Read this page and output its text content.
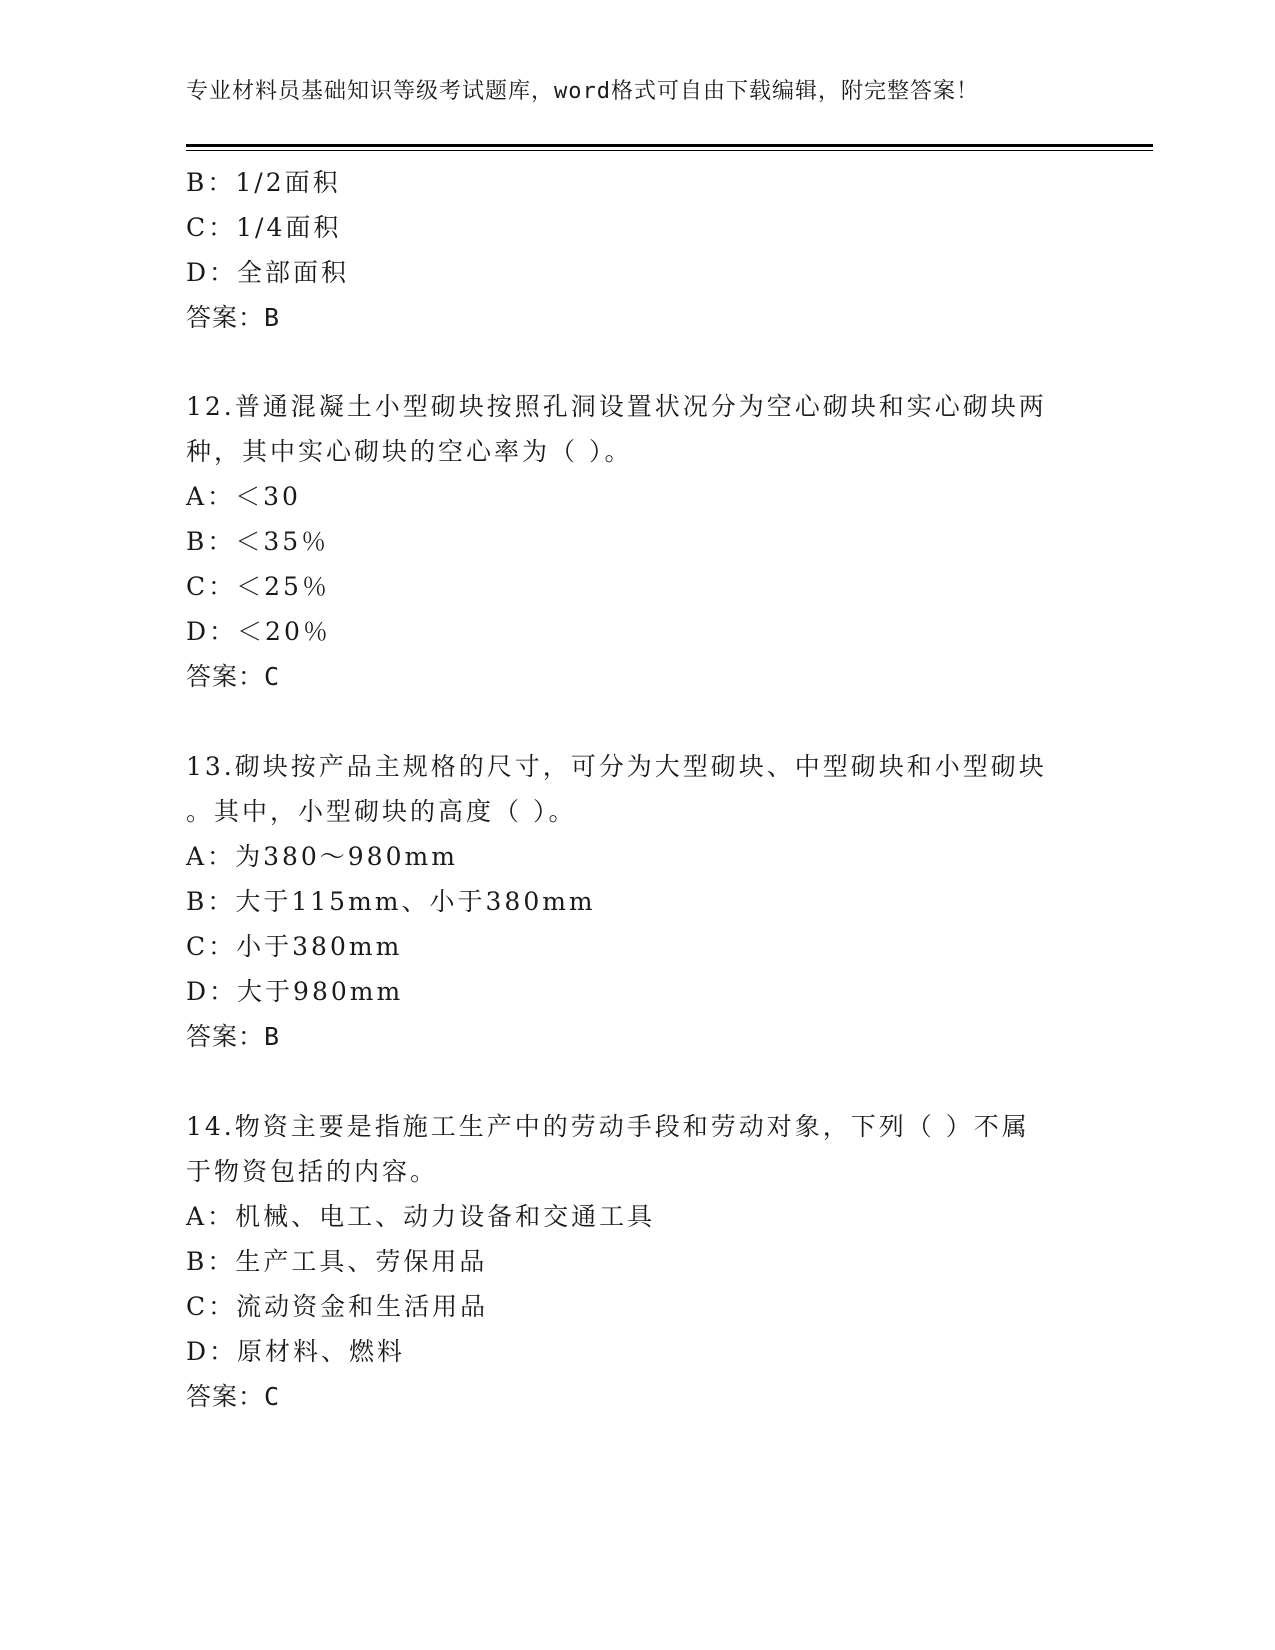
专业材料员基础知识等级考试题库，word格式可自由下载编辑，附完整答案！
B：1/2面积
C：1/4面积
D：全部面积
答案：B
12.普通混凝土小型砌块按照孔洞设置状况分为空心砌块和实心砌块两
种，其中实心砌块的空心率为（ ）。
A：＜30
B：＜35％
C：＜25％
D：＜20％
答案：C
13.砌块按产品主规格的尺寸，可分为大型砌块、中型砌块和小型砌块
。其中，小型砌块的高度（ ）。
A：为380～980mm
B：大于115mm、小于380mm
C：小于380mm
D：大于980mm
答案：B
14.物资主要是指施工生产中的劳动手段和劳动对象，下列（ ）不属
于物资包括的内容。
A：机械、电工、动力设备和交通工具
B：生产工具、劳保用品
C：流动资金和生活用品
D：原材料、燃料
答案：C
